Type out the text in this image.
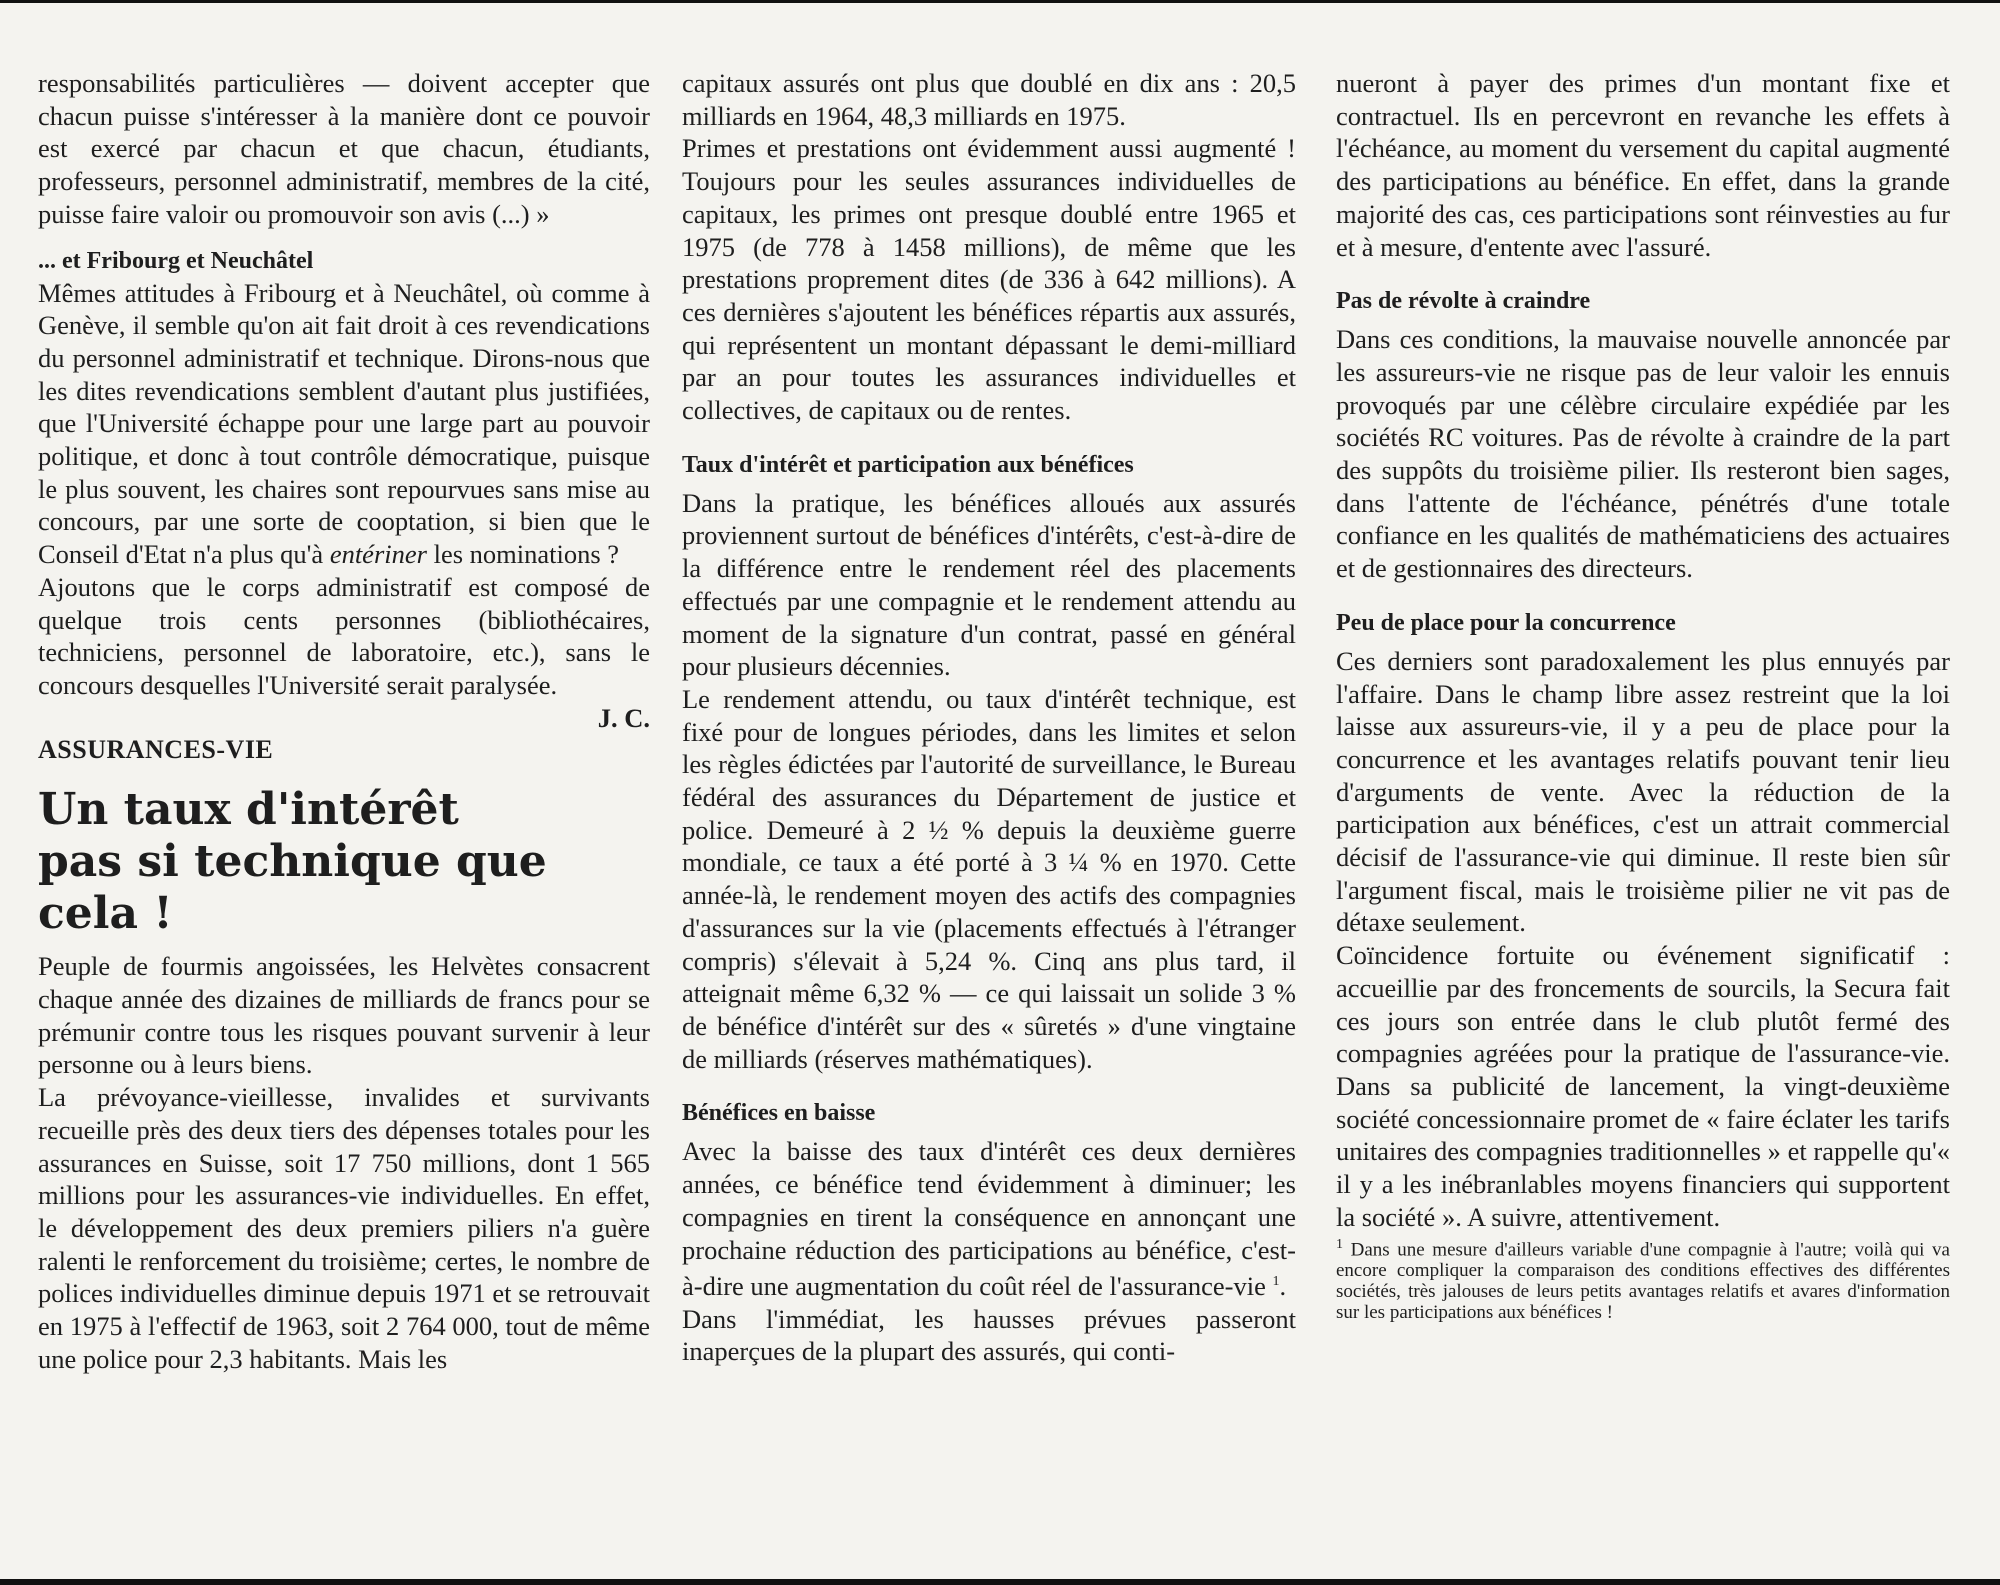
responsabilités particulières — doivent accepter que chacun puisse s'intéresser à la manière dont ce pouvoir est exercé par chacun et que chacun, étudiants, professeurs, personnel administratif, membres de la cité, puisse faire valoir ou promouvoir son avis (...) »

... et Fribourg et Neuchâtel

Mêmes attitudes à Fribourg et à Neuchâtel, où comme à Genève, il semble qu'on ait fait droit à ces revendications du personnel administratif et technique. Dirons-nous que les dites revendications semblent d'autant plus justifiées, que l'Université échappe pour une large part au pouvoir politique, et donc à tout contrôle démocratique, puisque le plus souvent, les chaires sont repourvues sans mise au concours, par une sorte de cooptation, si bien que le Conseil d'Etat n'a plus qu'à entériner les nominations ?

Ajoutons que le corps administratif est composé de quelque trois cents personnes (bibliothécaires, techniciens, personnel de laboratoire, etc.), sans le concours desquelles l'Université serait paralysée.

J. C.

ASSURANCES-VIE

Un taux d'intérêt
pas si technique que cela !

Peuple de fourmis angoissées, les Helvètes consacrent chaque année des dizaines de milliards de francs pour se prémunir contre tous les risques pouvant survenir à leur personne ou à leurs biens.

La prévoyance-vieillesse, invalides et survivants recueille près des deux tiers des dépenses totales pour les assurances en Suisse, soit 17 750 millions, dont 1 565 millions pour les assurances-vie individuelles. En effet, le développement des deux premiers piliers n'a guère ralenti le renforcement du troisième; certes, le nombre de polices individuelles diminue depuis 1971 et se retrouvait en 1975 à l'effectif de 1963, soit 2 764 000, tout de même une police pour 2,3 habitants. Mais les

capitaux assurés ont plus que doublé en dix ans : 20,5 milliards en 1964, 48,3 milliards en 1975.

Primes et prestations ont évidemment aussi augmenté ! Toujours pour les seules assurances individuelles de capitaux, les primes ont presque doublé entre 1965 et 1975 (de 778 à 1458 millions), de même que les prestations proprement dites (de 336 à 642 millions). A ces dernières s'ajoutent les bénéfices répartis aux assurés, qui représentent un montant dépassant le demi-milliard par an pour toutes les assurances individuelles et collectives, de capitaux ou de rentes.

Taux d'intérêt et participation aux bénéfices

Dans la pratique, les bénéfices alloués aux assurés proviennent surtout de bénéfices d'intérêts, c'est-à-dire de la différence entre le rendement réel des placements effectués par une compagnie et le rendement attendu au moment de la signature d'un contrat, passé en général pour plusieurs décennies.

Le rendement attendu, ou taux d'intérêt technique, est fixé pour de longues périodes, dans les limites et selon les règles édictées par l'autorité de surveillance, le Bureau fédéral des assurances du Département de justice et police. Demeuré à 2 ½ % depuis la deuxième guerre mondiale, ce taux a été porté à 3 ¼ % en 1970. Cette année-là, le rendement moyen des actifs des compagnies d'assurances sur la vie (placements effectués à l'étranger compris) s'élevait à 5,24 %. Cinq ans plus tard, il atteignait même 6,32 % — ce qui laissait un solide 3 % de bénéfice d'intérêt sur des « sûretés » d'une vingtaine de milliards (réserves mathématiques).

Bénéfices en baisse

Avec la baisse des taux d'intérêt ces deux dernières années, ce bénéfice tend évidemment à diminuer; les compagnies en tirent la conséquence en annonçant une prochaine réduction des participations au bénéfice, c'est-à-dire une augmentation du coût réel de l'assurance-vie $^1$.

Dans l'immédiat, les hausses prévues passeront inaperçues de la plupart des assurés, qui conti-

nueront à payer des primes d'un montant fixe et contractuel. Ils en percevront en revanche les effets à l'échéance, au moment du versement du capital augmenté des participations au bénéfice. En effet, dans la grande majorité des cas, ces participations sont réinvesties au fur et à mesure, d'entente avec l'assuré.

Pas de révolte à craindre

Dans ces conditions, la mauvaise nouvelle annoncée par les assureurs-vie ne risque pas de leur valoir les ennuis provoqués par une célèbre circulaire expédiée par les sociétés RC voitures. Pas de révolte à craindre de la part des suppôts du troisième pilier. Ils resteront bien sages, dans l'attente de l'échéance, pénétrés d'une totale confiance en les qualités de mathématiciens des actuaires et de gestionnaires des directeurs.

Peu de place pour la concurrence

Ces derniers sont paradoxalement les plus ennuyés par l'affaire. Dans le champ libre assez restreint que la loi laisse aux assureurs-vie, il y a peu de place pour la concurrence et les avantages relatifs pouvant tenir lieu d'arguments de vente. Avec la réduction de la participation aux bénéfices, c'est un attrait commercial décisif de l'assurance-vie qui diminue. Il reste bien sûr l'argument fiscal, mais le troisième pilier ne vit pas de détaxe seulement.

Coïncidence fortuite ou événement significatif : accueillie par des froncements de sourcils, la Secura fait ces jours son entrée dans le club plutôt fermé des compagnies agréées pour la pratique de l'assurance-vie. Dans sa publicité de lancement, la vingt-deuxième société concessionnaire promet de « faire éclater les tarifs unitaires des compagnies traditionnelles » et rappelle qu'« il y a les inébranlables moyens financiers qui supportent la société ». A suivre, attentivement.

$^1$ Dans une mesure d'ailleurs variable d'une compagnie à l'autre; voilà qui va encore compliquer la comparaison des conditions effectives des différentes sociétés, très jalouses de leurs petits avantages relatifs et avares d'information sur les participations aux bénéfices !
